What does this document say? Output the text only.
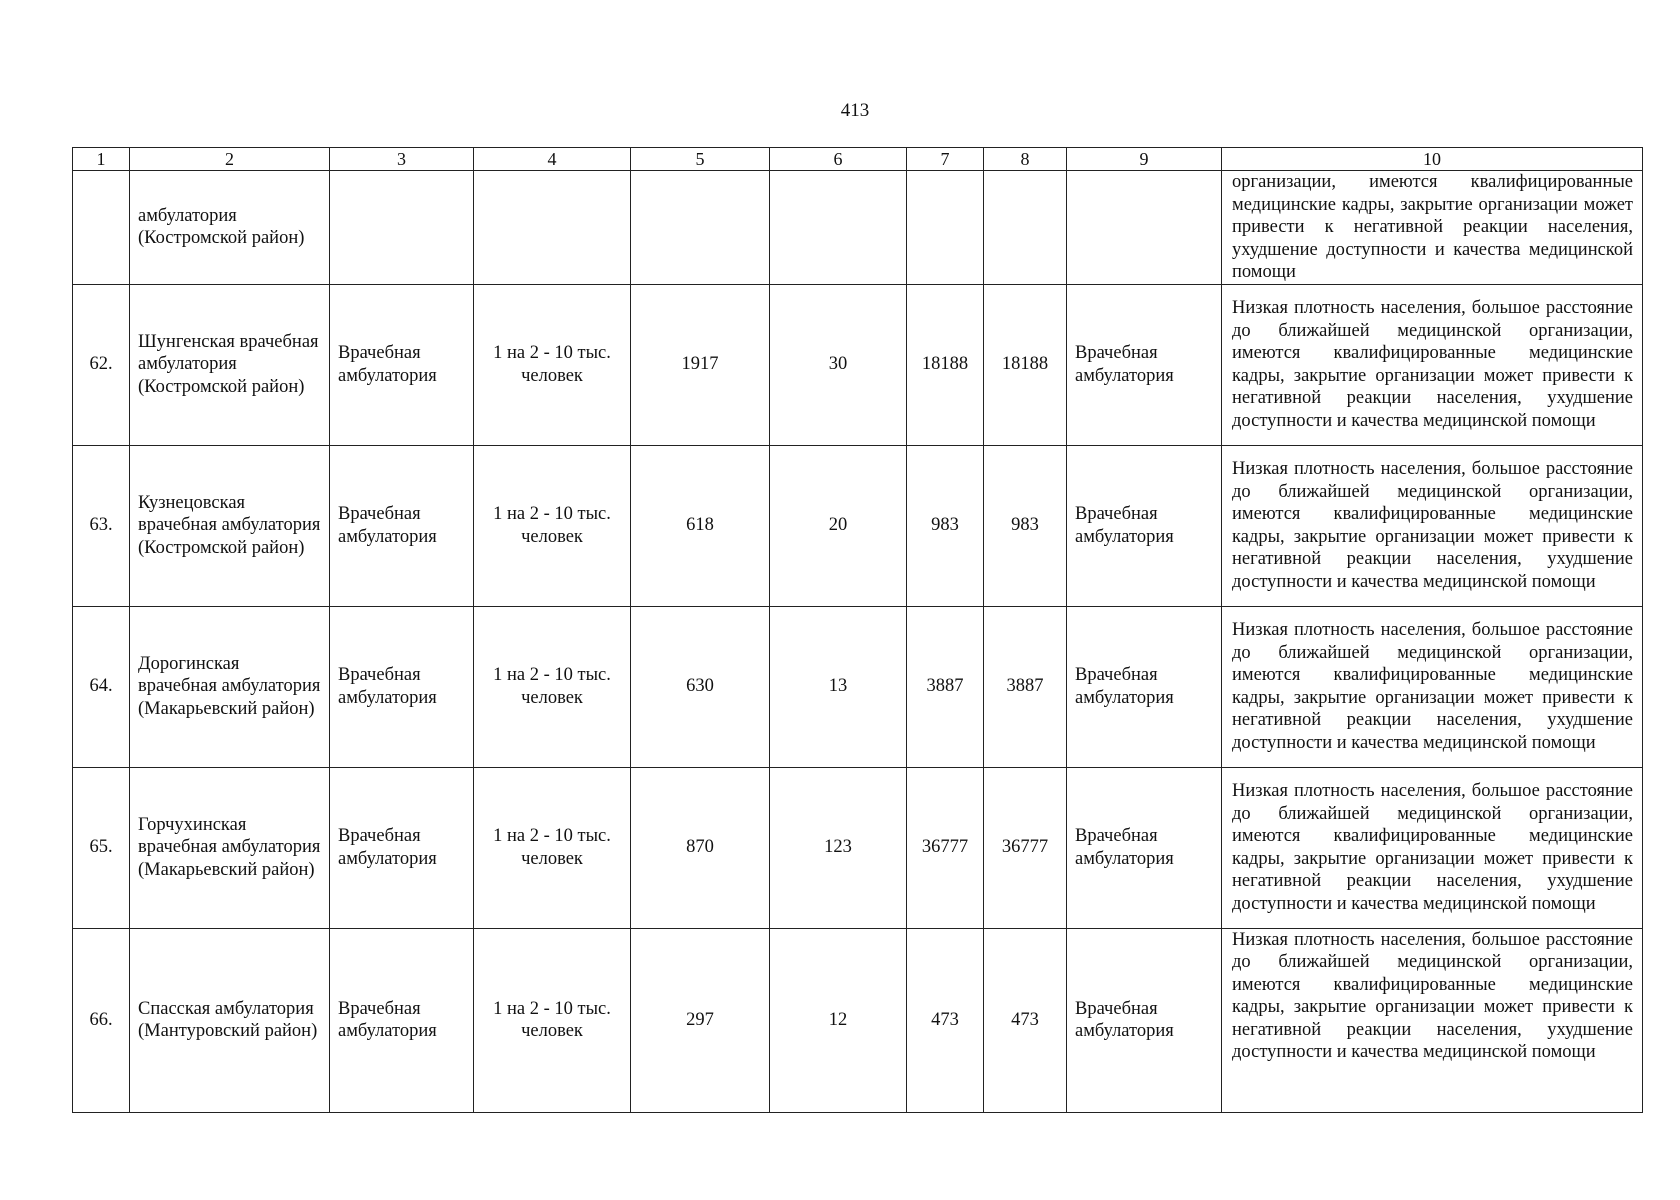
413
1	2	3	4	5	6	7	8	9	10
	амбулатория (Костромской район)								организации, имеются квалифицированные медицинские кадры, закрытие организации может привести к негативной реакции населения, ухудшение доступности и качества медицинской помощи
62.	Шунгенская врачебная амбулатория (Костромской район)	Врачебная амбулатория	1 на 2 - 10 тыс. человек	1917	30	18188	18188	Врачебная амбулатория	Низкая плотность населения, большое расстояние до ближайшей медицинской организации, имеются квалифицированные медицинские кадры, закрытие организации может привести к негативной реакции населения, ухудшение доступности и качества медицинской помощи
63.	Кузнецовская врачебная амбулатория (Костромской район)	Врачебная амбулатория	1 на 2 - 10 тыс. человек	618	20	983	983	Врачебная амбулатория	Низкая плотность населения, большое расстояние до ближайшей медицинской организации, имеются квалифицированные медицинские кадры, закрытие организации может привести к негативной реакции населения, ухудшение доступности и качества медицинской помощи
64.	Дорогинская врачебная амбулатория (Макарьевский район)	Врачебная амбулатория	1 на 2 - 10 тыс. человек	630	13	3887	3887	Врачебная амбулатория	Низкая плотность населения, большое расстояние до ближайшей медицинской организации, имеются квалифицированные медицинские кадры, закрытие организации может привести к негативной реакции населения, ухудшение доступности и качества медицинской помощи
65.	Горчухинская врачебная амбулатория (Макарьевский район)	Врачебная амбулатория	1 на 2 - 10 тыс. человек	870	123	36777	36777	Врачебная амбулатория	Низкая плотность населения, большое расстояние до ближайшей медицинской организации, имеются квалифицированные медицинские кадры, закрытие организации может привести к негативной реакции населения, ухудшение доступности и качества медицинской помощи
66.	Спасская амбулатория (Мантуровский район)	Врачебная амбулатория	1 на 2 - 10 тыс. человек	297	12	473	473	Врачебная амбулатория	Низкая плотность населения, большое расстояние до ближайшей медицинской организации, имеются квалифицированные медицинские кадры, закрытие организации может привести к негативной реакции населения, ухудшение доступности и качества медицинской помощи
